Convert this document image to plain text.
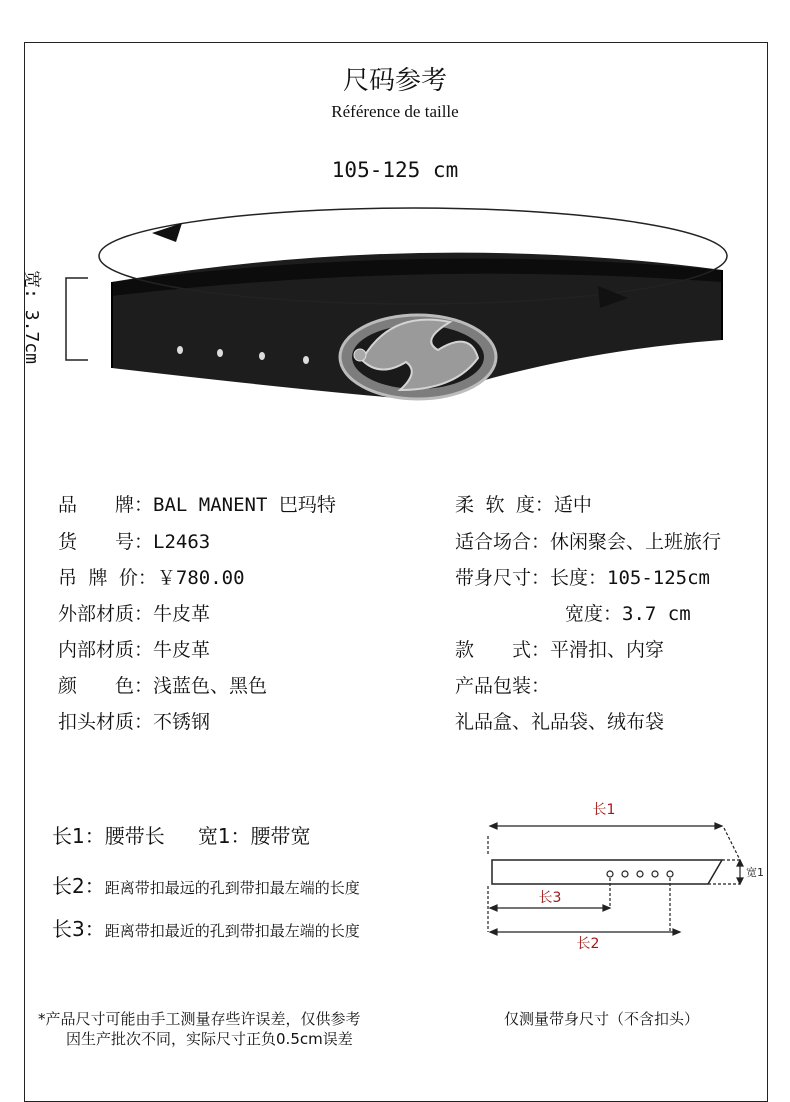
尺码参考
Référence de taille
105-125 cm
宽: 3.7cm
品　　牌：BAL MANENT 巴玛特
货　　号：L2463
吊 牌 价：￥780.00
外部材质：牛皮革
内部材质：牛皮革
颜　　色：浅蓝色、黑色
扣头材质：不锈钢
柔 软 度：适中
适合场合：休闲聚会、上班旅行
带身尺寸：长度：105-125cm
宽度：3.7 cm
款　　式：平滑扣、内穿
产品包装：
礼品盒、礼品袋、绒布袋
长1：腰带长 宽1：腰带宽
长2：距离带扣最远的孔到带扣最左端的长度
长3：距离带扣最近的孔到带扣最左端的长度
长1
宽1
长3
长2
*产品尺寸可能由手工测量存些许误差，仅供参考
因生产批次不同，实际尺寸正负0.5cm误差
仅测量带身尺寸（不含扣头）
